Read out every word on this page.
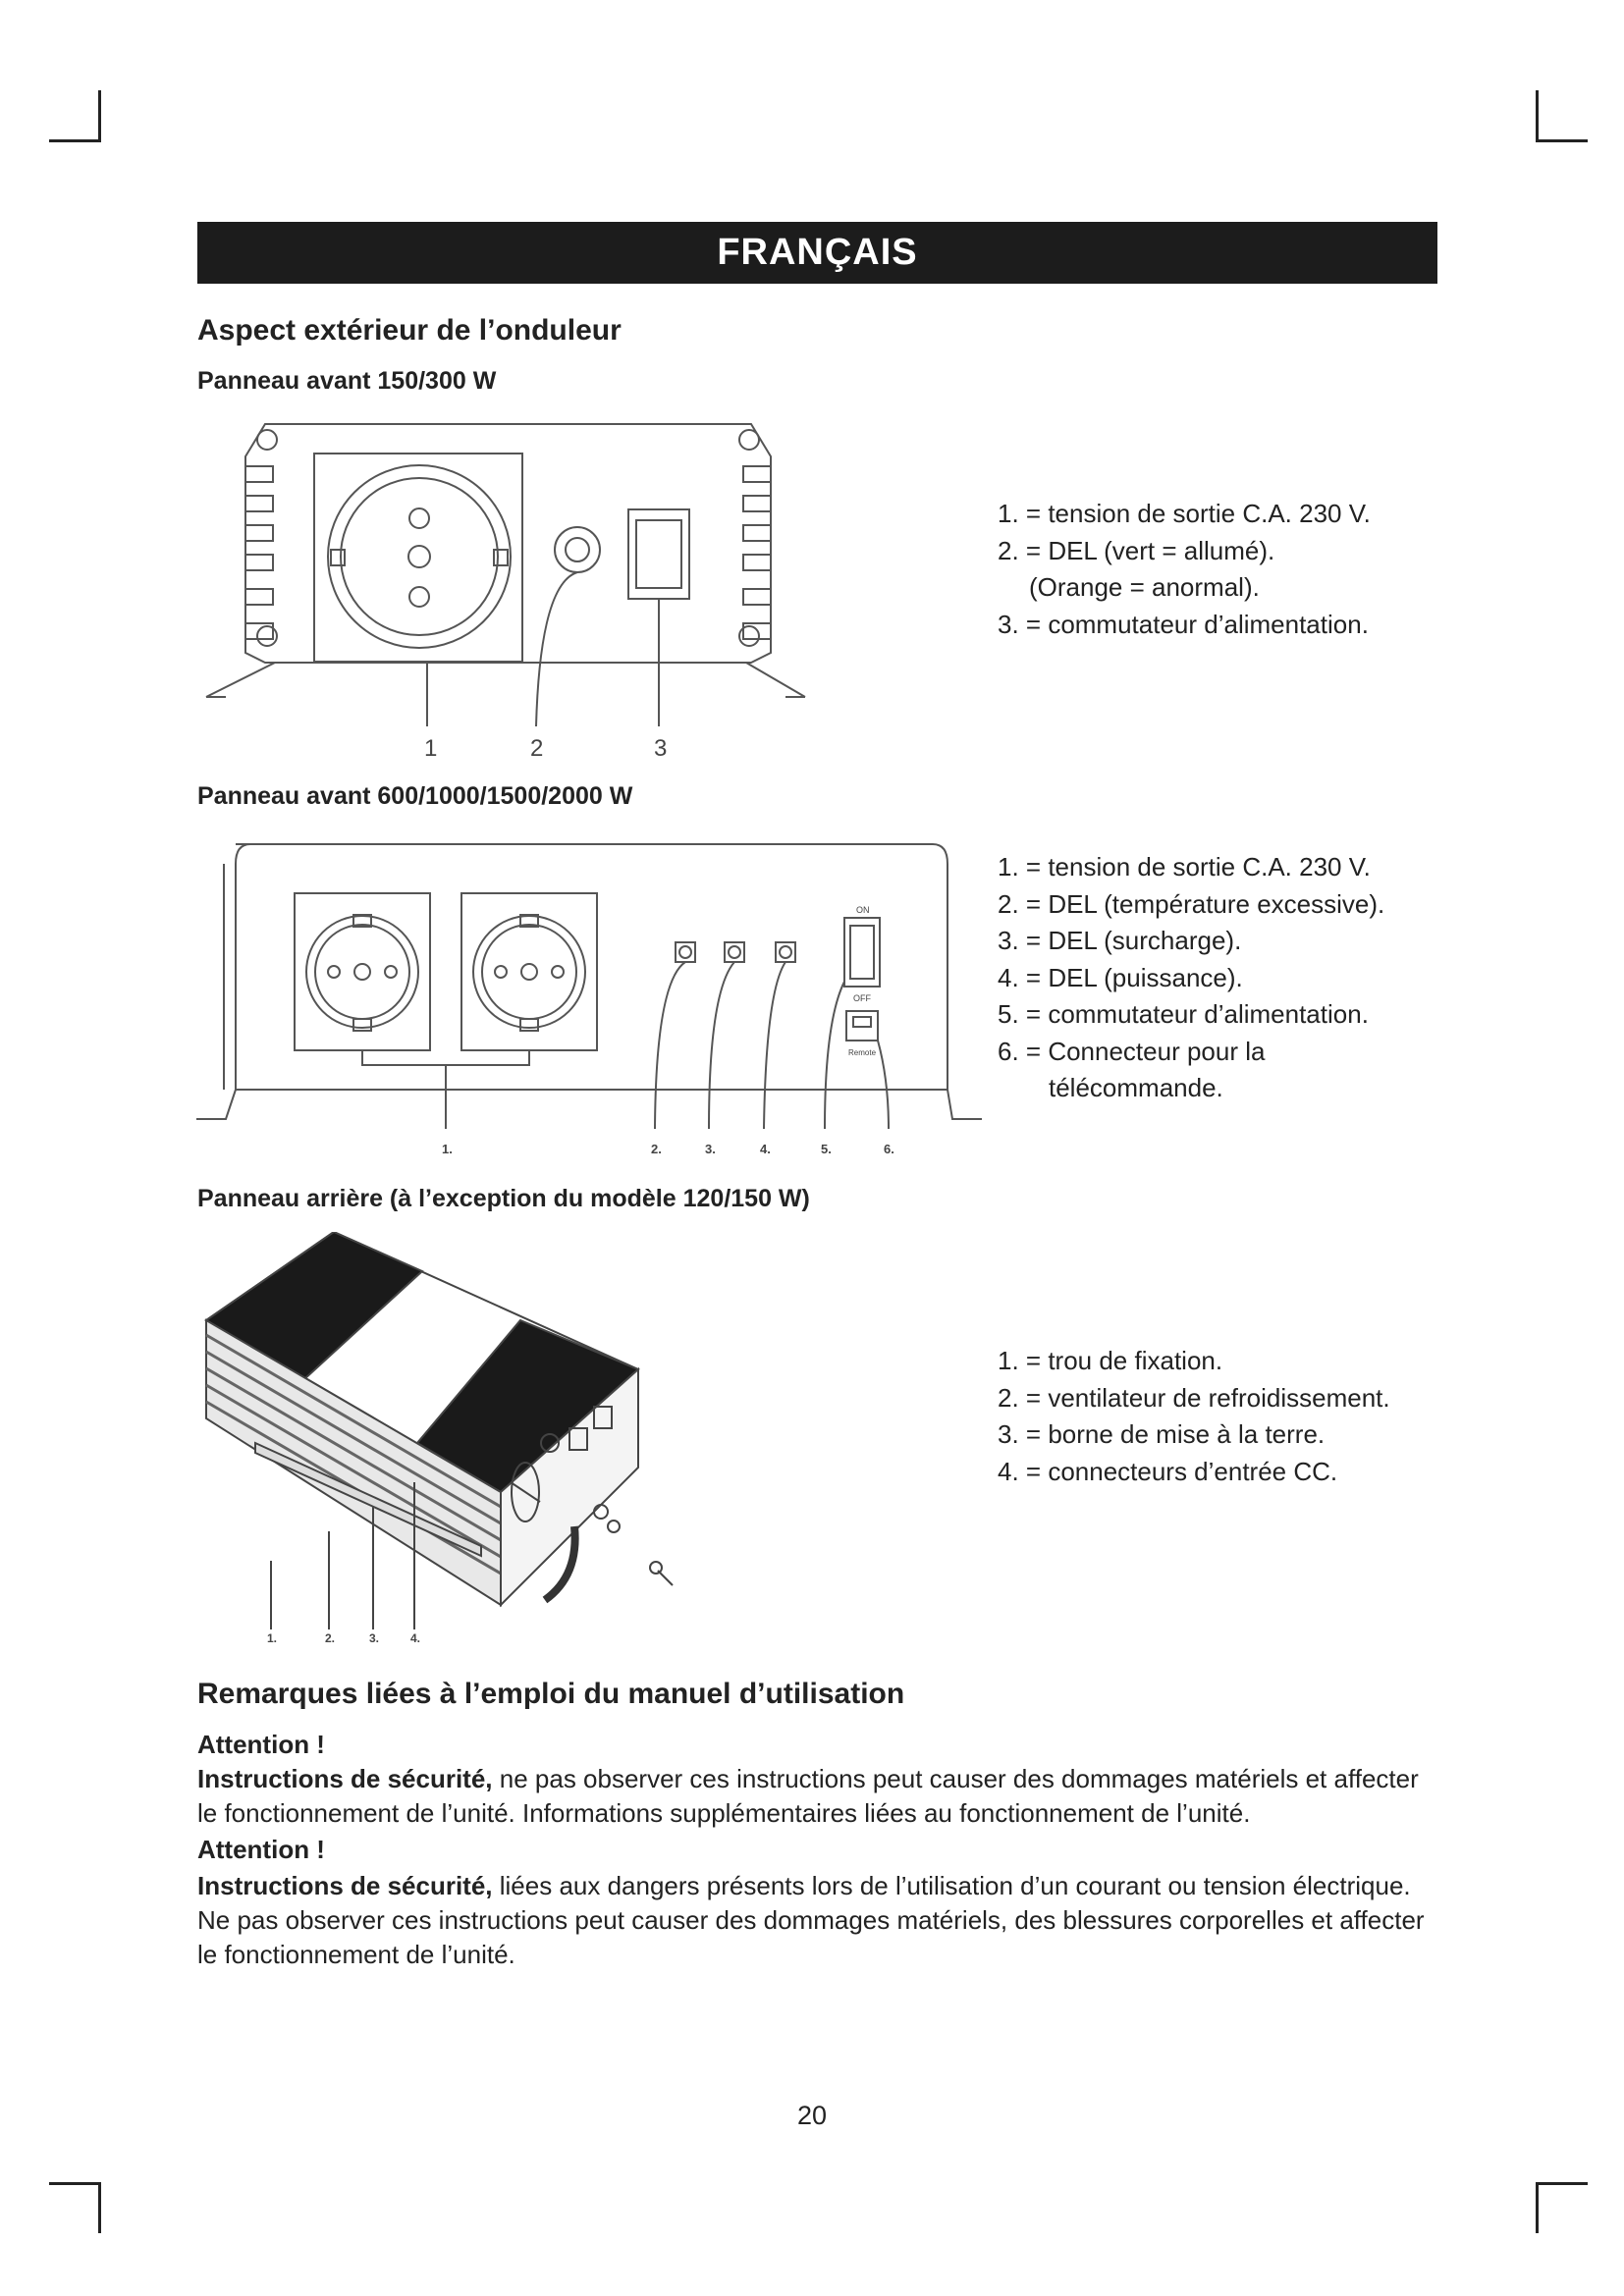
FRANÇAIS
Aspect extérieur de l’onduleur
Panneau avant 150/300 W
1	2	3
1. = tension de sortie C.A. 230 V.
2. = DEL (vert = allumé).
(Orange = anormal).
3. = commutateur d’alimentation.
Panneau avant 600/1000/1500/2000 W
ON
OFF
Remote
1.	2.	3.	4.	5.	6.
1. = tension de sortie C.A. 230 V.
2. = DEL (température excessive).
3. = DEL (surcharge).
4. = DEL (puissance).
5. = commutateur d’alimentation.
6. = Connecteur pour la
télécommande.
Panneau arrière (à l’exception du modèle 120/150 W)
1.	2.	3.	4.
1. = trou de fixation.
2. = ventilateur de refroidissement.
3. = borne de mise à la terre.
4. = connecteurs d’entrée CC.
Remarques liées à l’emploi du manuel d’utilisation

Attention !

Instructions de sécurité, ne pas observer ces instructions peut causer des dommages matériels et affecter le fonctionnement de l’unité. Informations supplémentaires liées au fonctionnement de l’unité.

Attention !

Instructions de sécurité, liées aux dangers présents lors de l’utilisation d’un courant ou tension électrique. Ne pas observer ces instructions peut causer des dommages matériels, des blessures corporelles et affecter le fonctionnement de l’unité.

20
